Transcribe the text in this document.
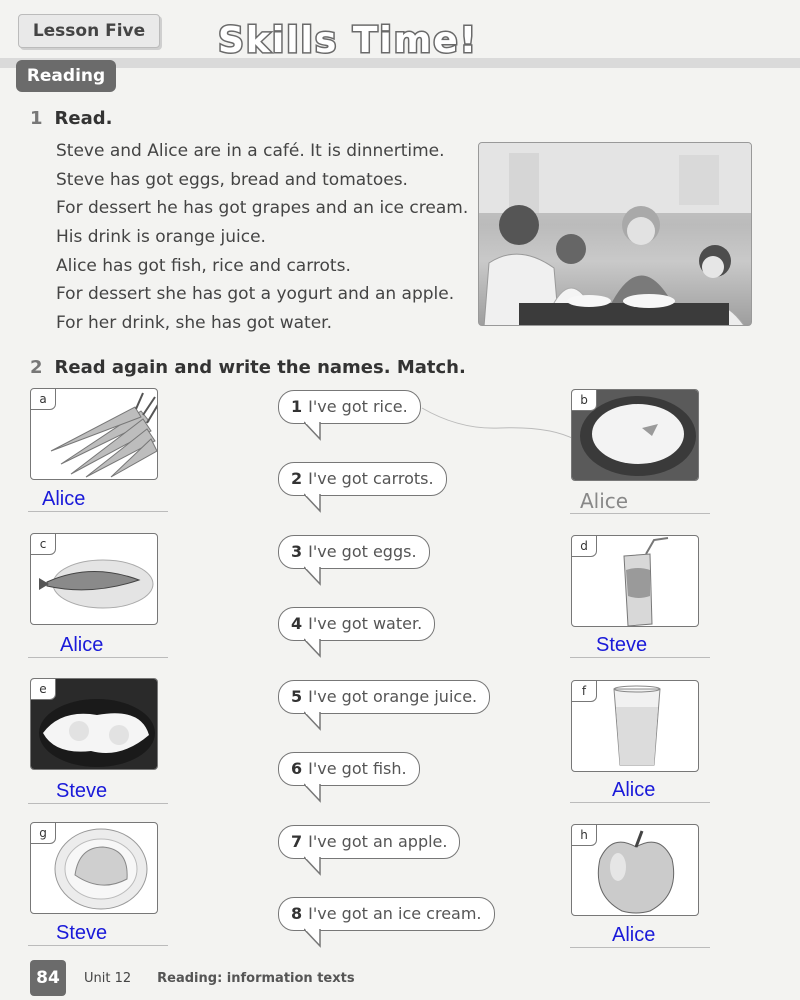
Lesson Five	Skills Time!
Reading
1 Read.

Steve and Alice are in a café. It is dinnertime.

Steve has got eggs, bread and tomatoes.

For dessert he has got grapes and an ice cream.

His drink is orange juice.

Alice has got fish, rice and carrots.

For dessert she has got a yogurt and an apple.

For her drink, she has got water.

2 Read again and write the names. Match.
a
Alice
c
Alice
e
Steve
g
Steve
b
Alice
d
Steve
f
Alice
h
Alice
1 I've got rice.
2 I've got carrots.
3 I've got eggs.
4 I've got water.
5 I've got orange juice.
6 I've got fish.
7 I've got an apple.
8 I've got an ice cream.
84	Unit 12 Reading: information texts
